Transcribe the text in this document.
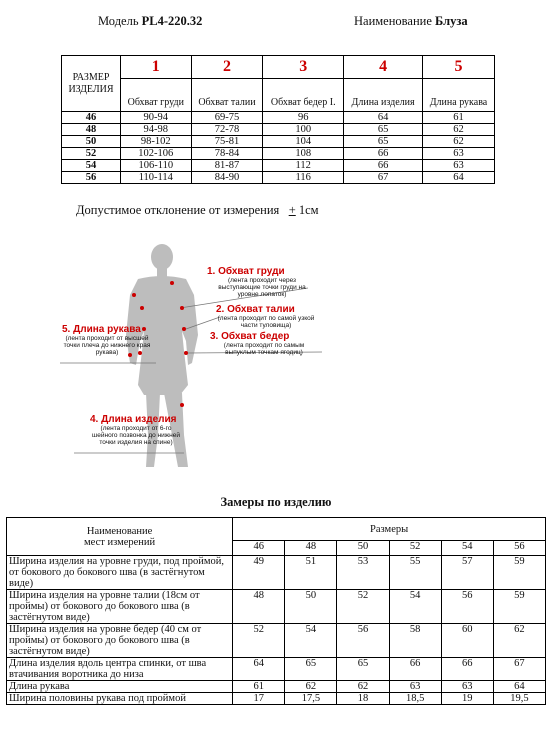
Модель PL4-220.32	Наименование Блуза
РАЗМЕР
ИЗДЕЛИЯ	1	2	3	4	5
	Обхват груди	Обхват талии	Обхват бедер I.	Длина изделия	Длина рукава
46	90-94	69-75	96	64	61
48	94-98	72-78	100	65	62
50	98-102	75-81	104	65	62
52	102-106	78-84	108	66	63
54	106-110	81-87	112	66	63
56	110-114	84-90	116	67	64
Допустимое отклонение от измерения + 1см
1. Обхват груди
(лента проходит через выступающие точки груди на уровне лопаток)
2. Обхват талии
(лента проходит по самой узкой части туловища)
3. Обхват бедер
(лента проходит по самым выпуклым точкам ягодиц)
5. Длина рукава
(лента проходит от высшей точки плеча до нижнего края рукава)
4. Длина изделия
(лента проходит от 6-го шейного позвонка до нижней точки изделия на спине)
Замеры по изделию
Наименование
мест измерений	Размеры					
	46	48	50	52	54	56
Ширина изделия на уровне груди, под проймой, от бокового до бокового шва (в застёгнутом виде)	49	51	53	55	57	59
Ширина изделия на уровне талии (18см от проймы) от бокового до бокового шва (в застёгнутом виде)	48	50	52	54	56	59
Ширина изделия на уровне бедер (40 см от проймы) от бокового до бокового шва (в застёгнутом виде)	52	54	56	58	60	62
Длина изделия вдоль центра спинки, от шва втачивания воротника до низа	64	65	65	66	66	67
Длина рукава	61	62	62	63	63	64
Ширина половины рукава под проймой	17	17,5	18	18,5	19	19,5
